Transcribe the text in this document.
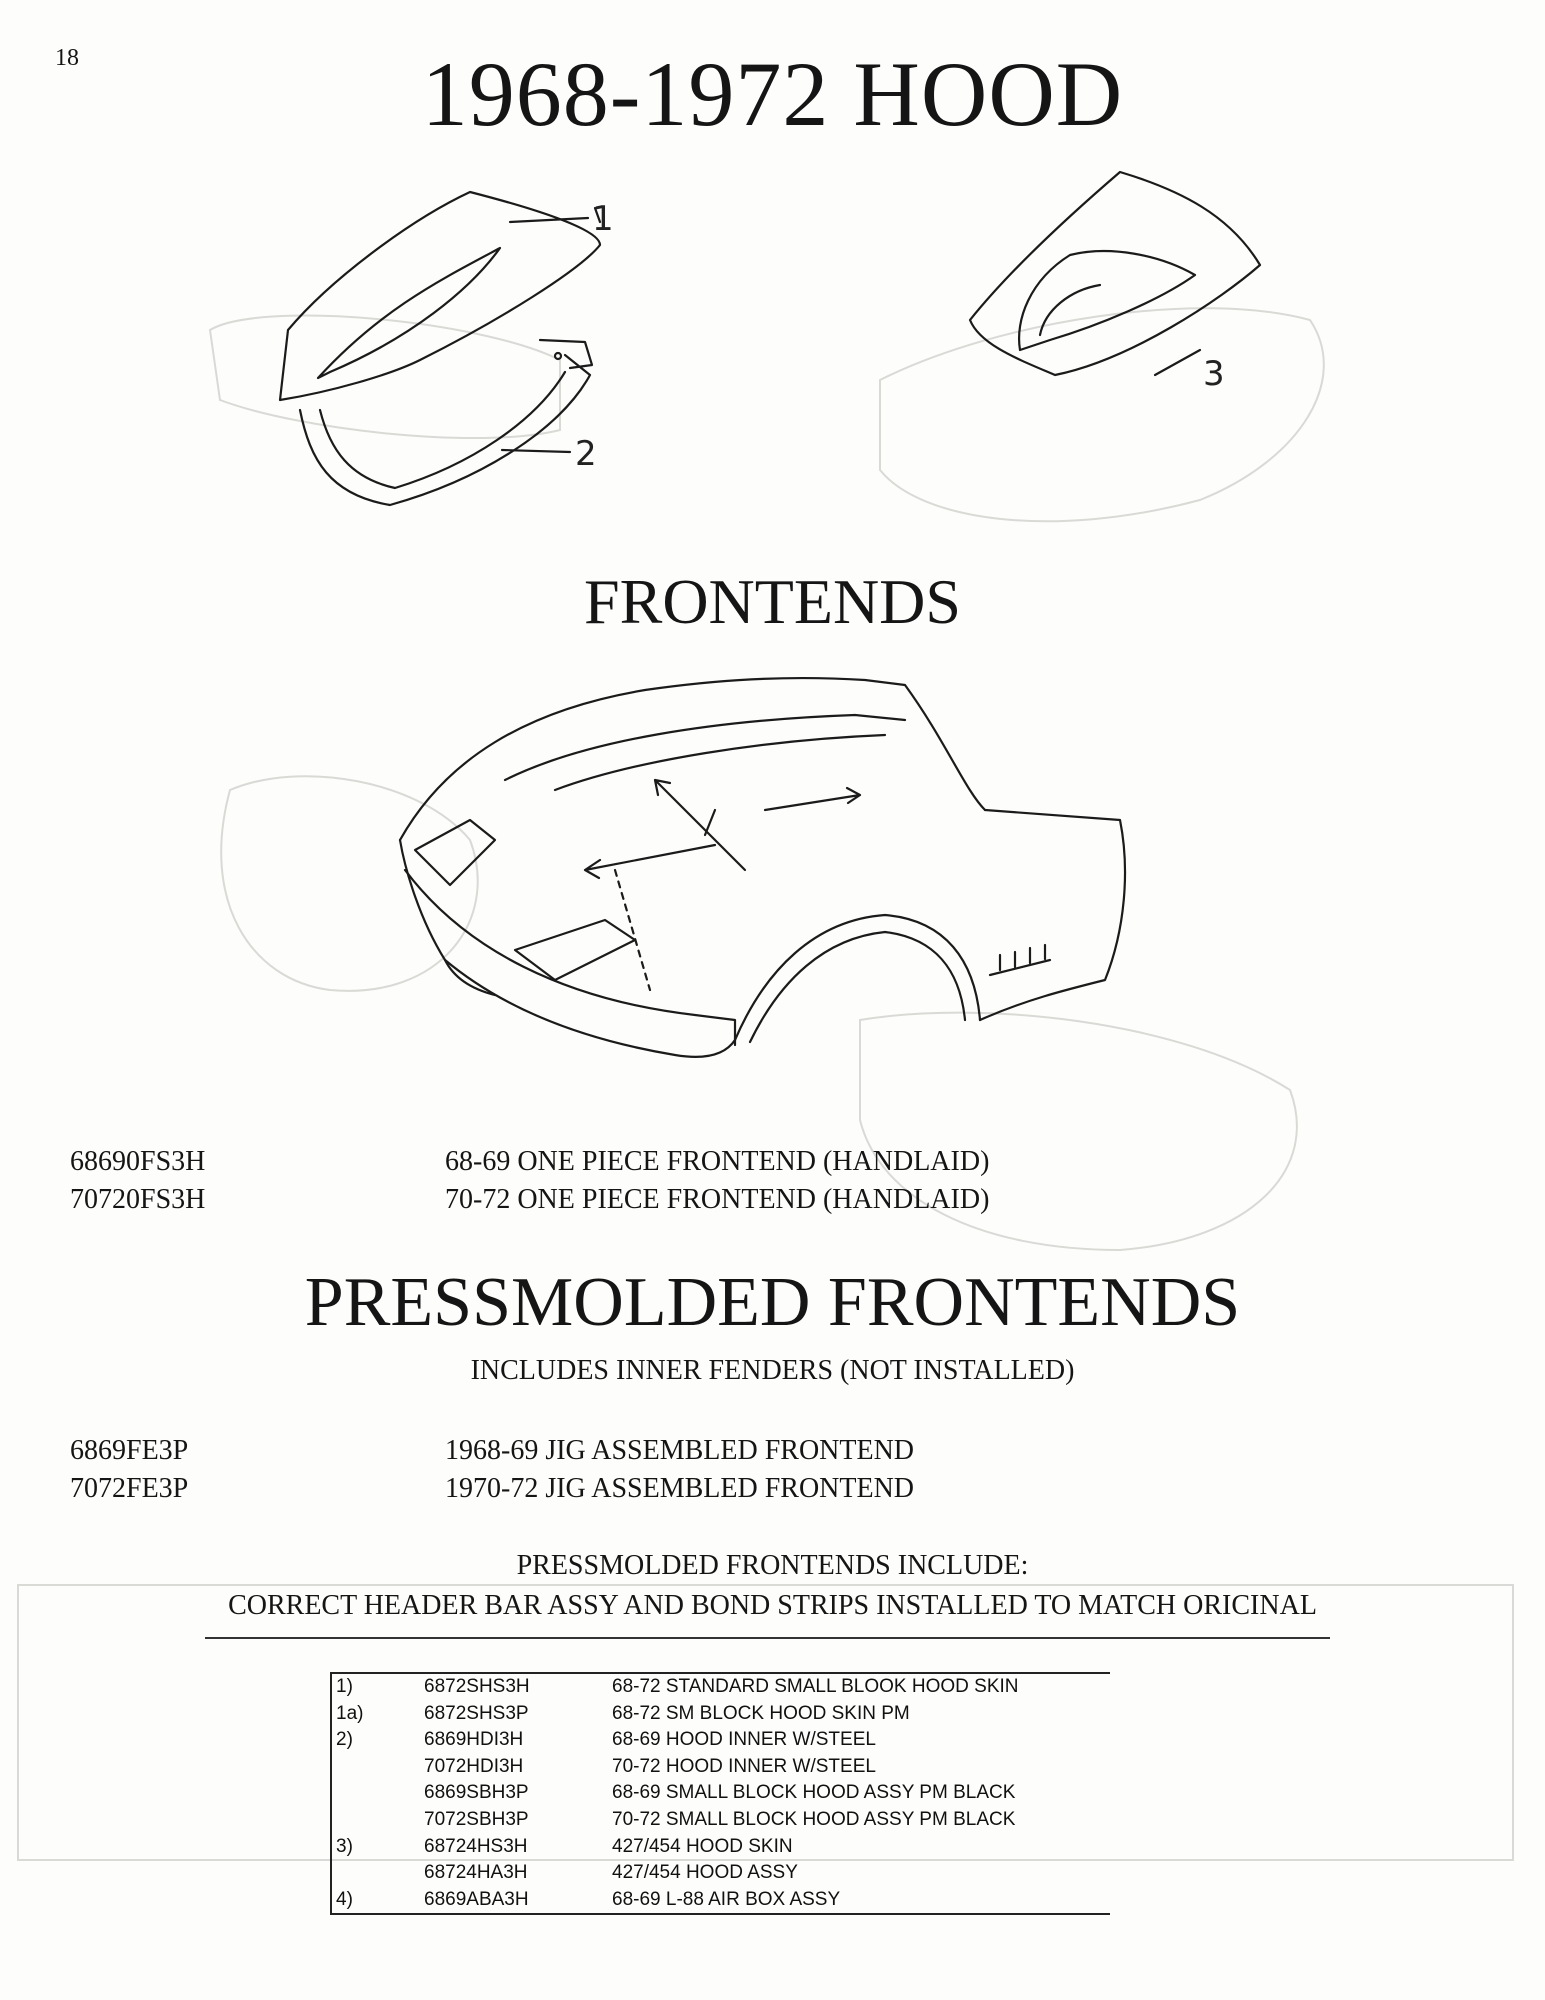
18	1968-1972 HOOD
1
2
3
FRONTENDS
68690FS3H	68-69 ONE PIECE FRONTEND (HANDLAID)
70720FS3H	70-72 ONE PIECE FRONTEND (HANDLAID)
PRESSMOLDED FRONTENDS
INCLUDES INNER FENDERS (NOT INSTALLED)
6869FE3P	1968-69 JIG ASSEMBLED FRONTEND
7072FE3P	1970-72 JIG ASSEMBLED FRONTEND
PRESSMOLDED FRONTENDS INCLUDE:
CORRECT HEADER BAR ASSY AND BOND STRIPS INSTALLED TO MATCH ORICINAL
1)	6872SHS3H	68-72 STANDARD SMALL BLOOK HOOD SKIN
1a)	6872SHS3P	68-72 SM BLOCK HOOD SKIN PM
2)	6869HDI3H	68-69 HOOD INNER W/STEEL
	7072HDI3H	70-72 HOOD INNER W/STEEL
	6869SBH3P	68-69 SMALL BLOCK HOOD ASSY PM BLACK
	7072SBH3P	70-72 SMALL BLOCK HOOD ASSY PM BLACK
3)	68724HS3H	427/454 HOOD SKIN
	68724HA3H	427/454 HOOD ASSY
4)	6869ABA3H	68-69 L-88 AIR BOX ASSY
